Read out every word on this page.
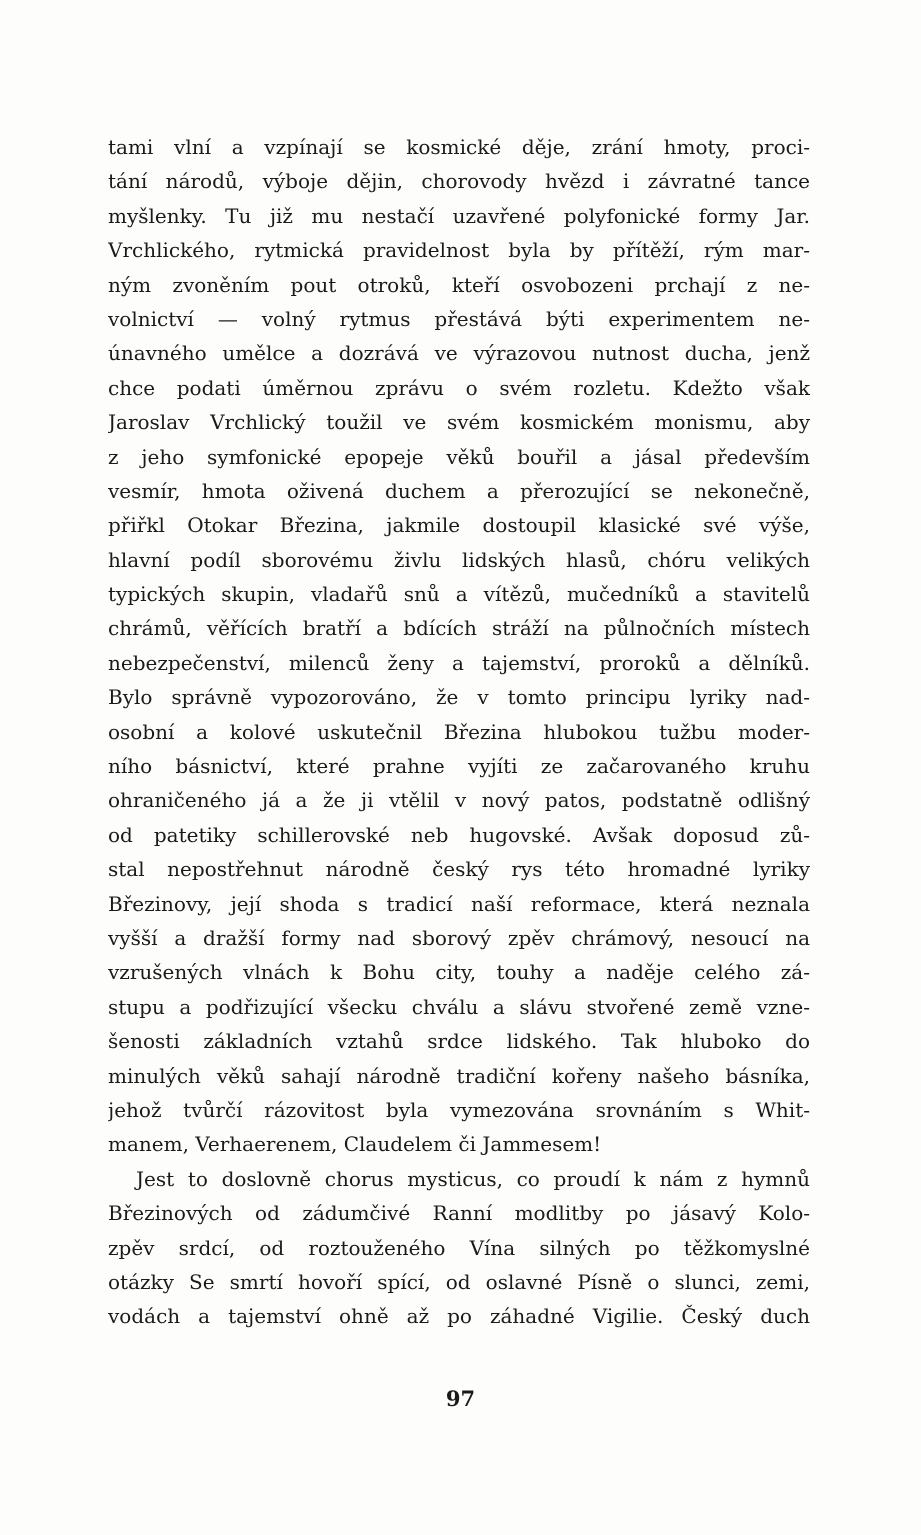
tami vlní a vzpínají se kosmické děje, zrání hmoty, proci-
tání národů, výboje dějin, chorovody hvězd i závratné tance
myšlenky. Tu již mu nestačí uzavřené polyfonické formy Jar.
Vrchlického, rytmická pravidelnost byla by přítěží, rým mar-
ným zvoněním pout otroků, kteří osvobozeni prchají z ne-
volnictví — volný rytmus přestává býti experimentem ne-
únavného umělce a dozrává ve výrazovou nutnost ducha, jenž
chce podati úměrnou zprávu o svém rozletu. Kdežto však
Jaroslav Vrchlický toužil ve svém kosmickém monismu, aby
z jeho symfonické epopeje věků bouřil a jásal především
vesmír, hmota oživená duchem a přerozující se nekonečně,
přiřkl Otokar Březina, jakmile dostoupil klasické své výše,
hlavní podíl sborovému živlu lidských hlasů, chóru velikých
typických skupin, vladařů snů a vítězů, mučedníků a stavitelů
chrámů, věřících bratří a bdících stráží na půlnočních místech
nebezpečenství, milenců ženy a tajemství, proroků a dělníků.
Bylo správně vypozorováno, že v tomto principu lyriky nad-
osobní a kolové uskutečnil Březina hlubokou tužbu moder-
ního básnictví, které prahne vyjíti ze začarovaného kruhu
ohraničeného já a že ji vtělil v nový patos, podstatně odlišný
od patetiky schillerovské neb hugovské. Avšak doposud zů-
stal nepostřehnut národně český rys této hromadné lyriky
Březinovy, její shoda s tradicí naší reformace, která neznala
vyšší a dražší formy nad sborový zpěv chrámový, nesoucí na
vzrušených vlnách k Bohu city, touhy a naděje celého zá-
stupu a podřizující všecku chválu a slávu stvořené země vzne-
šenosti základních vztahů srdce lidského. Tak hluboko do
minulých věků sahají národně tradiční kořeny našeho básníka,
jehož tvůrčí rázovitost byla vymezována srovnáním s Whit-
manem, Verhaerenem, Claudelem či Jammesem!
Jest to doslovně chorus mysticus, co proudí k nám z hymnů
Březinových od zádumčivé Ranní modlitby po jásavý Kolo-
zpěv srdcí, od roztouženého Vína silných po těžkomyslné
otázky Se smrtí hovoří spící, od oslavné Písně o slunci, zemi,
vodách a tajemství ohně až po záhadné Vigilie. Český duch
97
